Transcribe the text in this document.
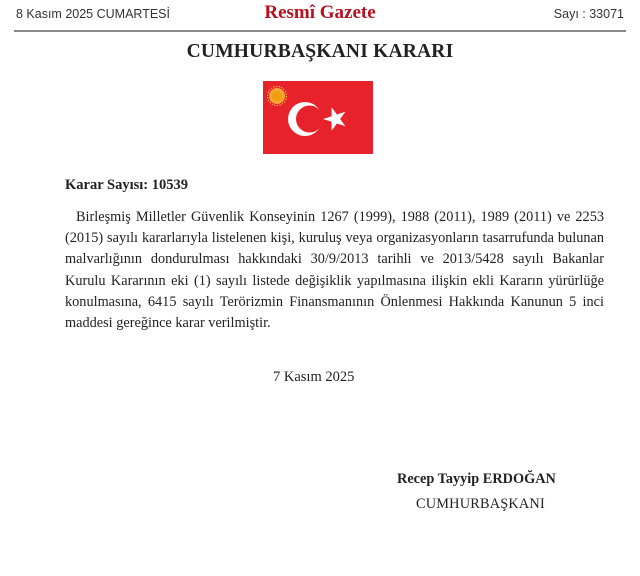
8 Kasım 2025 CUMARTESİ	Resmî Gazete	Sayı : 33071
CUMHURBAŞKANI KARARI
Karar Sayısı: 10539
Birleşmiş Milletler Güvenlik Konseyinin 1267 (1999), 1988 (2011), 1989 (2011) ve 2253 (2015) sayılı kararlarıyla listelenen kişi, kuruluş veya organizasyonların tasarrufunda bulunan malvarlığının dondurulması hakkındaki 30/9/2013 tarihli ve 2013/5428 sayılı Bakanlar Kurulu Kararının eki (1) sayılı listede değişiklik yapılmasına ilişkin ekli Kararın yürürlüğe konulmasına, 6415 sayılı Terörizmin Finansmanının Önlenmesi Hakkında Kanunun 5 inci maddesi gereğince karar verilmiştir.
7 Kasım 2025
Recep Tayyip ERDOĞAN
CUMHURBAŞKANI
